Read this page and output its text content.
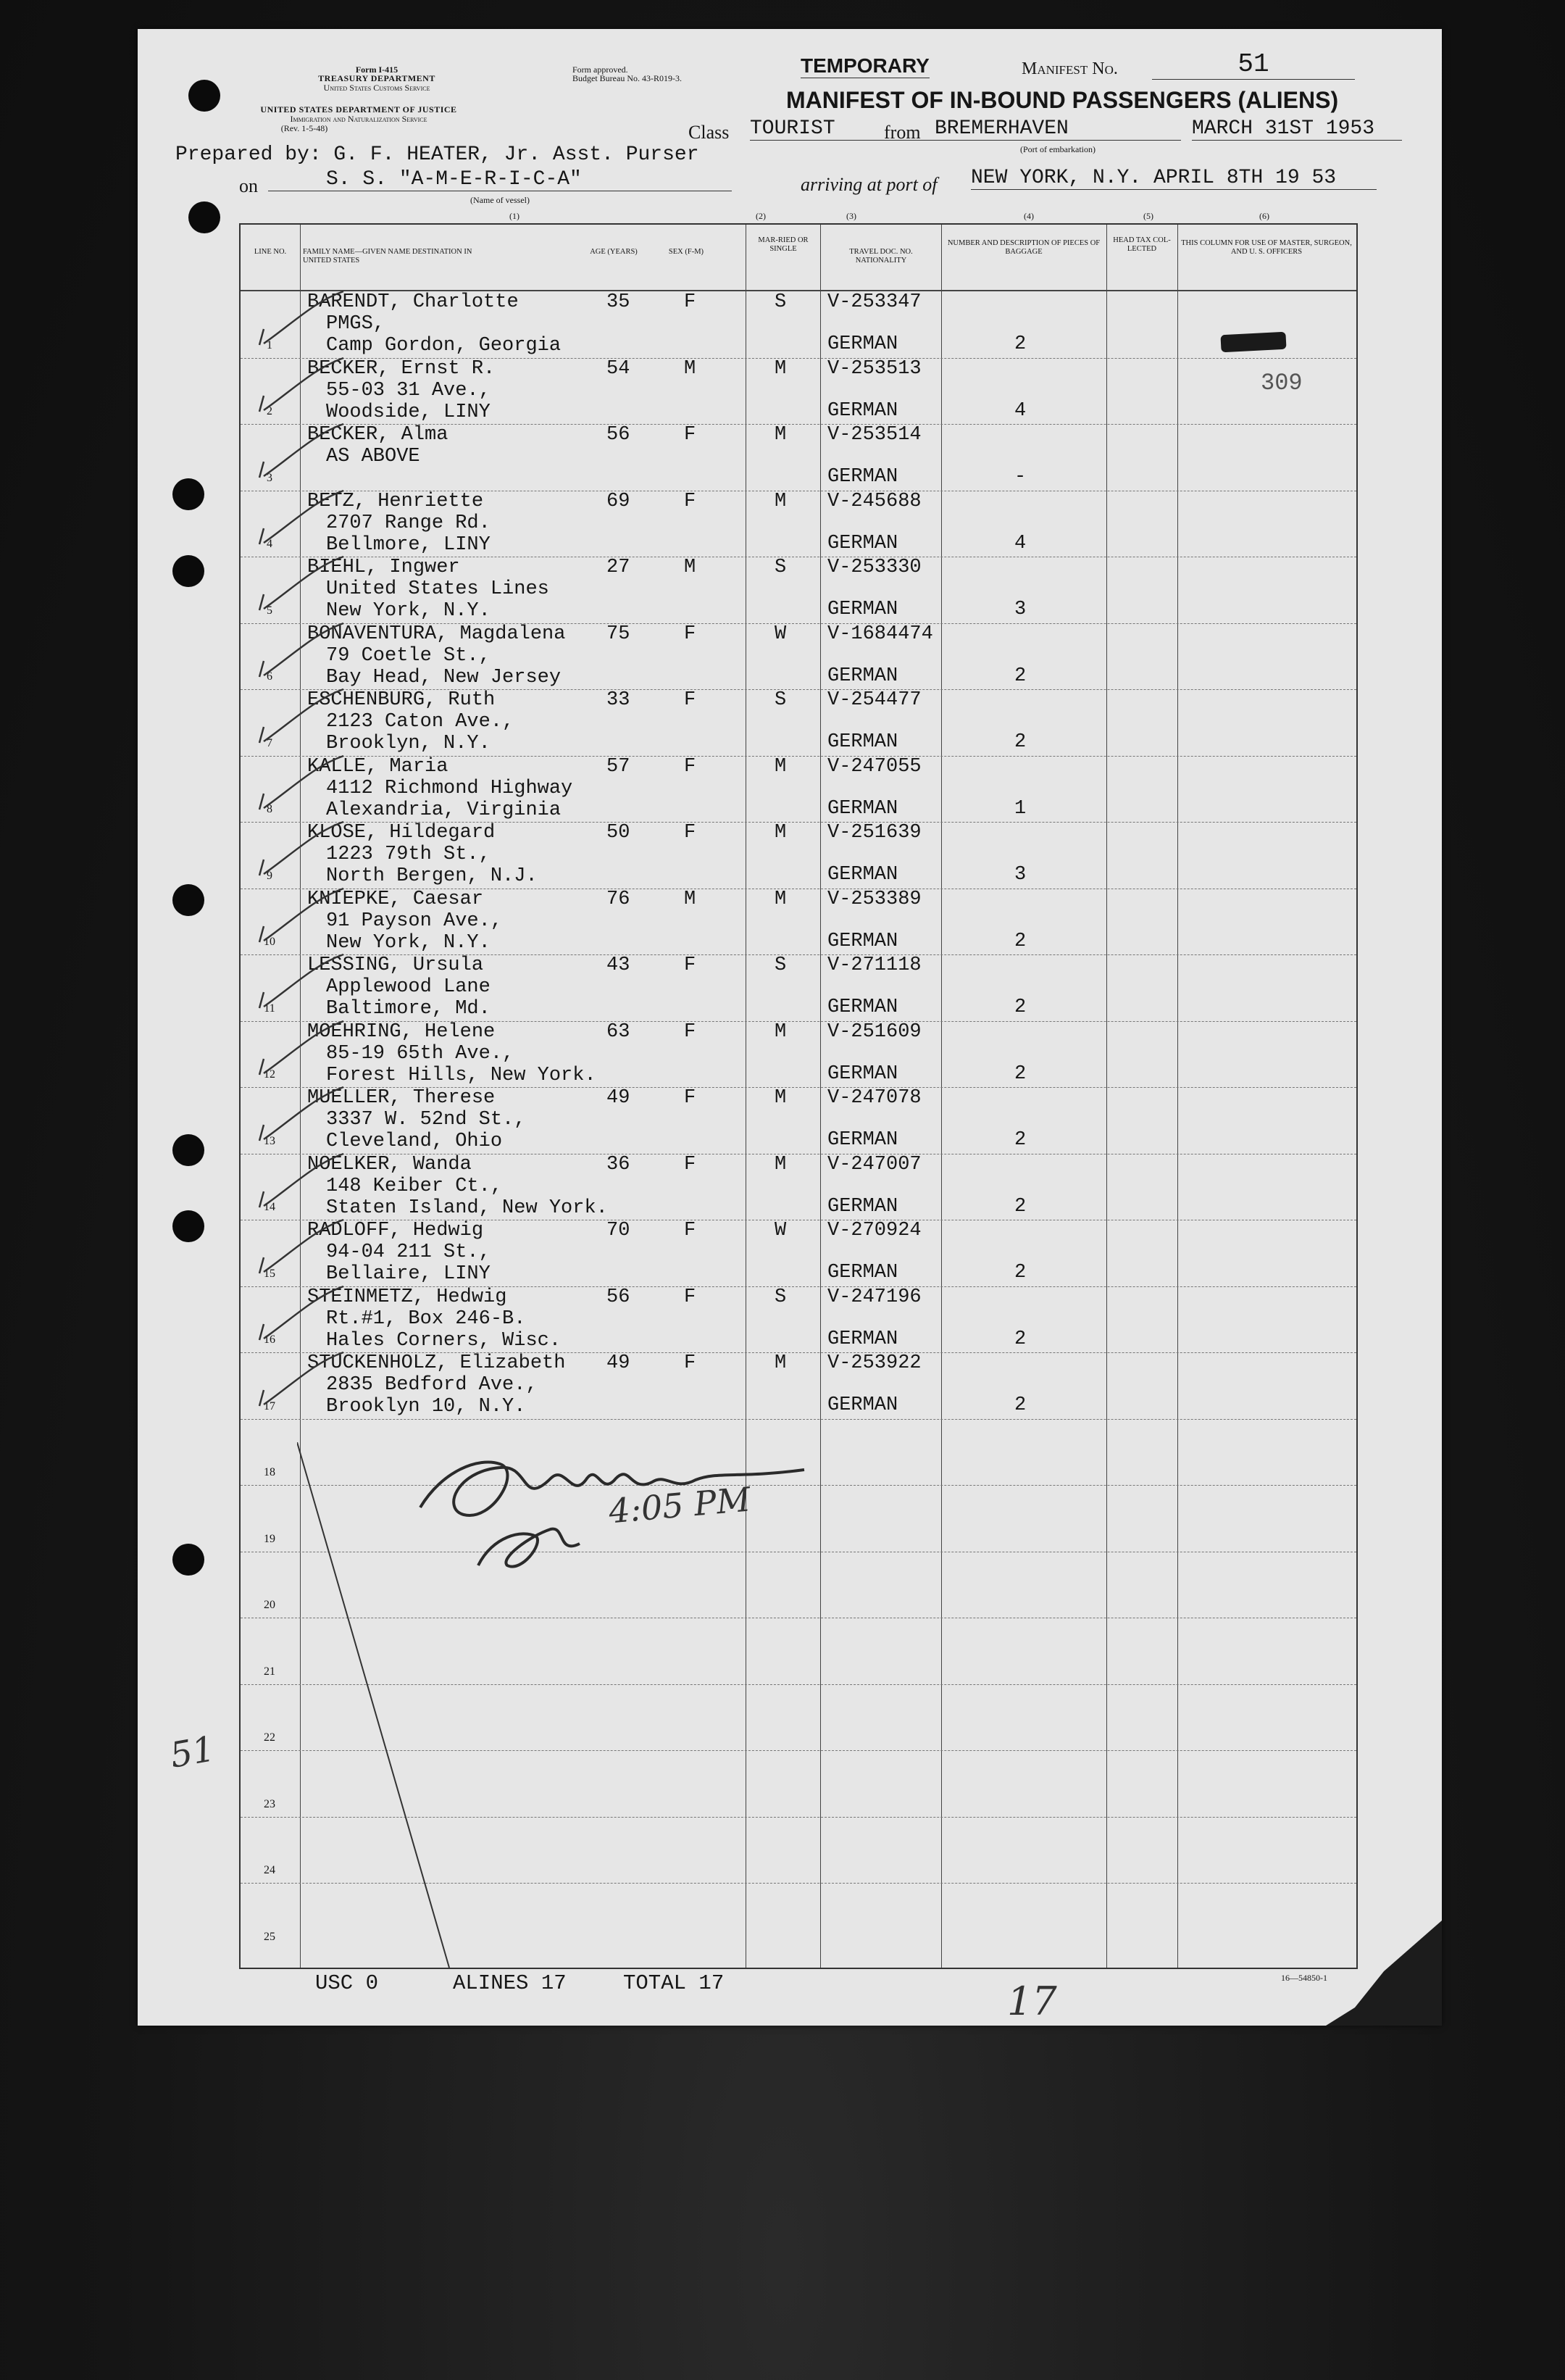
Form I-415
TREASURY DEPARTMENT
United States Customs Service
UNITED STATES DEPARTMENT OF JUSTICE
Immigration and Naturalization Service
(Rev. 1-5-48)
Form approved.
Budget Bureau No. 43-R019-3.
TEMPORARY	Manifest No.	51
MANIFEST OF IN-BOUND PASSENGERS (ALIENS)
Prepared by: G. F. HEATER, Jr. Asst. Purser
Class TOURIST	from BREMERHAVEN	MARCH 31ST 1953
(Port of embarkation)
on	S. S. "A-M-E-R-I-C-A"
(Name of vessel)
arriving at port of NEW YORK, N.Y. APRIL 8TH 19 53
(1)	(2)	(3)	(4)	(5)	(6)
LINE NO.	FAMILY NAME—GIVEN NAME DESTINATION IN UNITED STATES
AGE (YEARS)	SEX (F-M)
MAR-RIED OR SINGLE	TRAVEL DOC. NO. NATIONALITY
NUMBER AND DESCRIPTION OF PIECES OF BAGGAGE
HEAD TAX COL-LECTED
THIS COLUMN FOR USE OF MASTER, SURGEON, AND U. S. OFFICERS
1
BARENDT, Charlotte
PMGS,
Camp Gordon, Georgia
35	F	S V-253347
GERMAN	2
2
BECKER, Ernst R.
55-03 31 Ave.,
Woodside, LINY
54	M	M V-253513
GERMAN	4
3
BECKER, Alma
AS ABOVE
56	F	M V-253514
GERMAN	-
4
BETZ, Henriette
2707 Range Rd.
Bellmore, LINY
69	F	M V-245688
GERMAN	4
5
BIEHL, Ingwer
United States Lines
New York, N.Y.
27	M	S V-253330
GERMAN	3
6
BONAVENTURA, Magdalena
79 Coetle St.,
Bay Head, New Jersey
75	F	W V-1684474
GERMAN	2
7
ESCHENBURG, Ruth
2123 Caton Ave.,
Brooklyn, N.Y.
33	F	S V-254477
GERMAN	2
8
KALLE, Maria
4112 Richmond Highway
Alexandria, Virginia
57	F	M V-247055
GERMAN	1
9
KLOSE, Hildegard
1223 79th St.,
North Bergen, N.J.
50	F	M V-251639
GERMAN	3
10
KNIEPKE, Caesar
91 Payson Ave.,
New York, N.Y.
76	M	M V-253389
GERMAN	2
11
LESSING, Ursula
Applewood Lane
Baltimore, Md.
43	F	S V-271118
GERMAN	2
12
MOEHRING, Helene
85-19 65th Ave.,
Forest Hills, New York.
63	F	M V-251609
GERMAN	2
13
MUELLER, Therese
3337 W. 52nd St.,
Cleveland, Ohio
49	F	M V-247078
GERMAN	2
14
NOELKER, Wanda
148 Keiber Ct.,
Staten Island, New York.
36	F	M V-247007
GERMAN	2
15
RADLOFF, Hedwig
94-04 211 St.,
Bellaire, LINY
70	F	W V-270924
GERMAN	2
16
STEINMETZ, Hedwig
Rt.#1, Box 246-B.
Hales Corners, Wisc.
56	F	S V-247196
GERMAN	2
17
STUCKENHOLZ, Elizabeth
2835 Bedford Ave.,
Brooklyn 10, N.Y.
49	F	M V-253922
GERMAN	2
18
19
20
21
22
23
24
25
309
4:05 PM
51
USC 0	ALINES 17	TOTAL 17	16—54850-1
17
